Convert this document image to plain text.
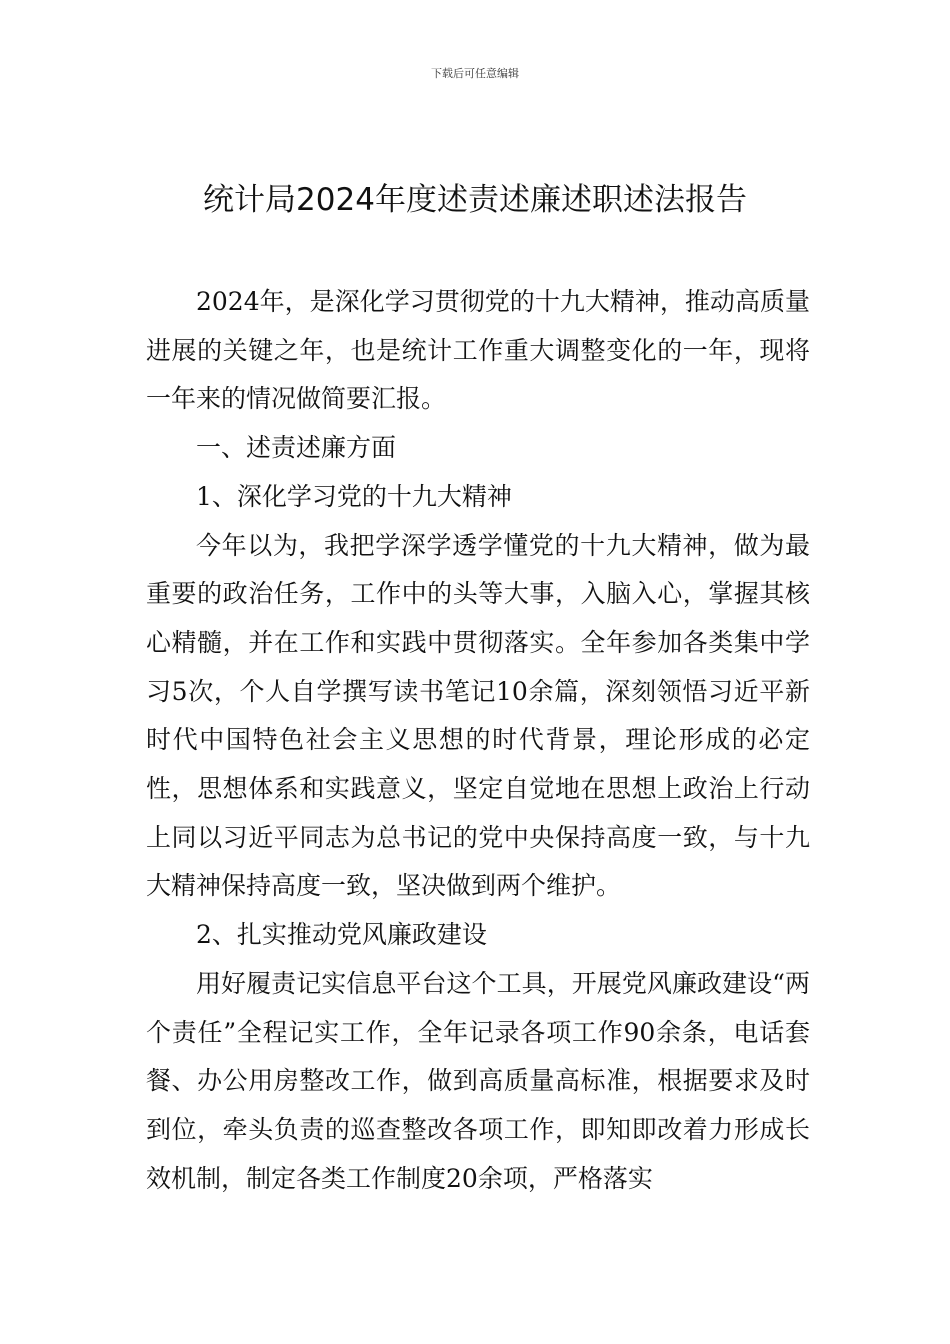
下载后可任意编辑
统计局2024年度述责述廉述职述法报告

2024年，是深化学习贯彻党的十九大精神，推动高质量进展的关键之年，也是统计工作重大调整变化的一年，现将一年来的情况做简要汇报。

一、述责述廉方面

1、深化学习党的十九大精神

今年以为，我把学深学透学懂党的十九大精神，做为最重要的政治任务，工作中的头等大事，入脑入心，掌握其核心精髓，并在工作和实践中贯彻落实。全年参加各类集中学习5次，个人自学撰写读书笔记10余篇，深刻领悟习近平新时代中国特色社会主义思想的时代背景，理论形成的必定性，思想体系和实践意义，坚定自觉地在思想上政治上行动上同以习近平同志为总书记的党中央保持高度一致，与十九大精神保持高度一致，坚决做到两个维护。

2、扎实推动党风廉政建设

用好履责记实信息平台这个工具，开展党风廉政建设“两个责任”全程记实工作，全年记录各项工作90余条，电话套餐、办公用房整改工作，做到高质量高标准，根据要求及时到位，牵头负责的巡查整改各项工作，即知即改着力形成长效机制，制定各类工作制度20余项，严格落实
